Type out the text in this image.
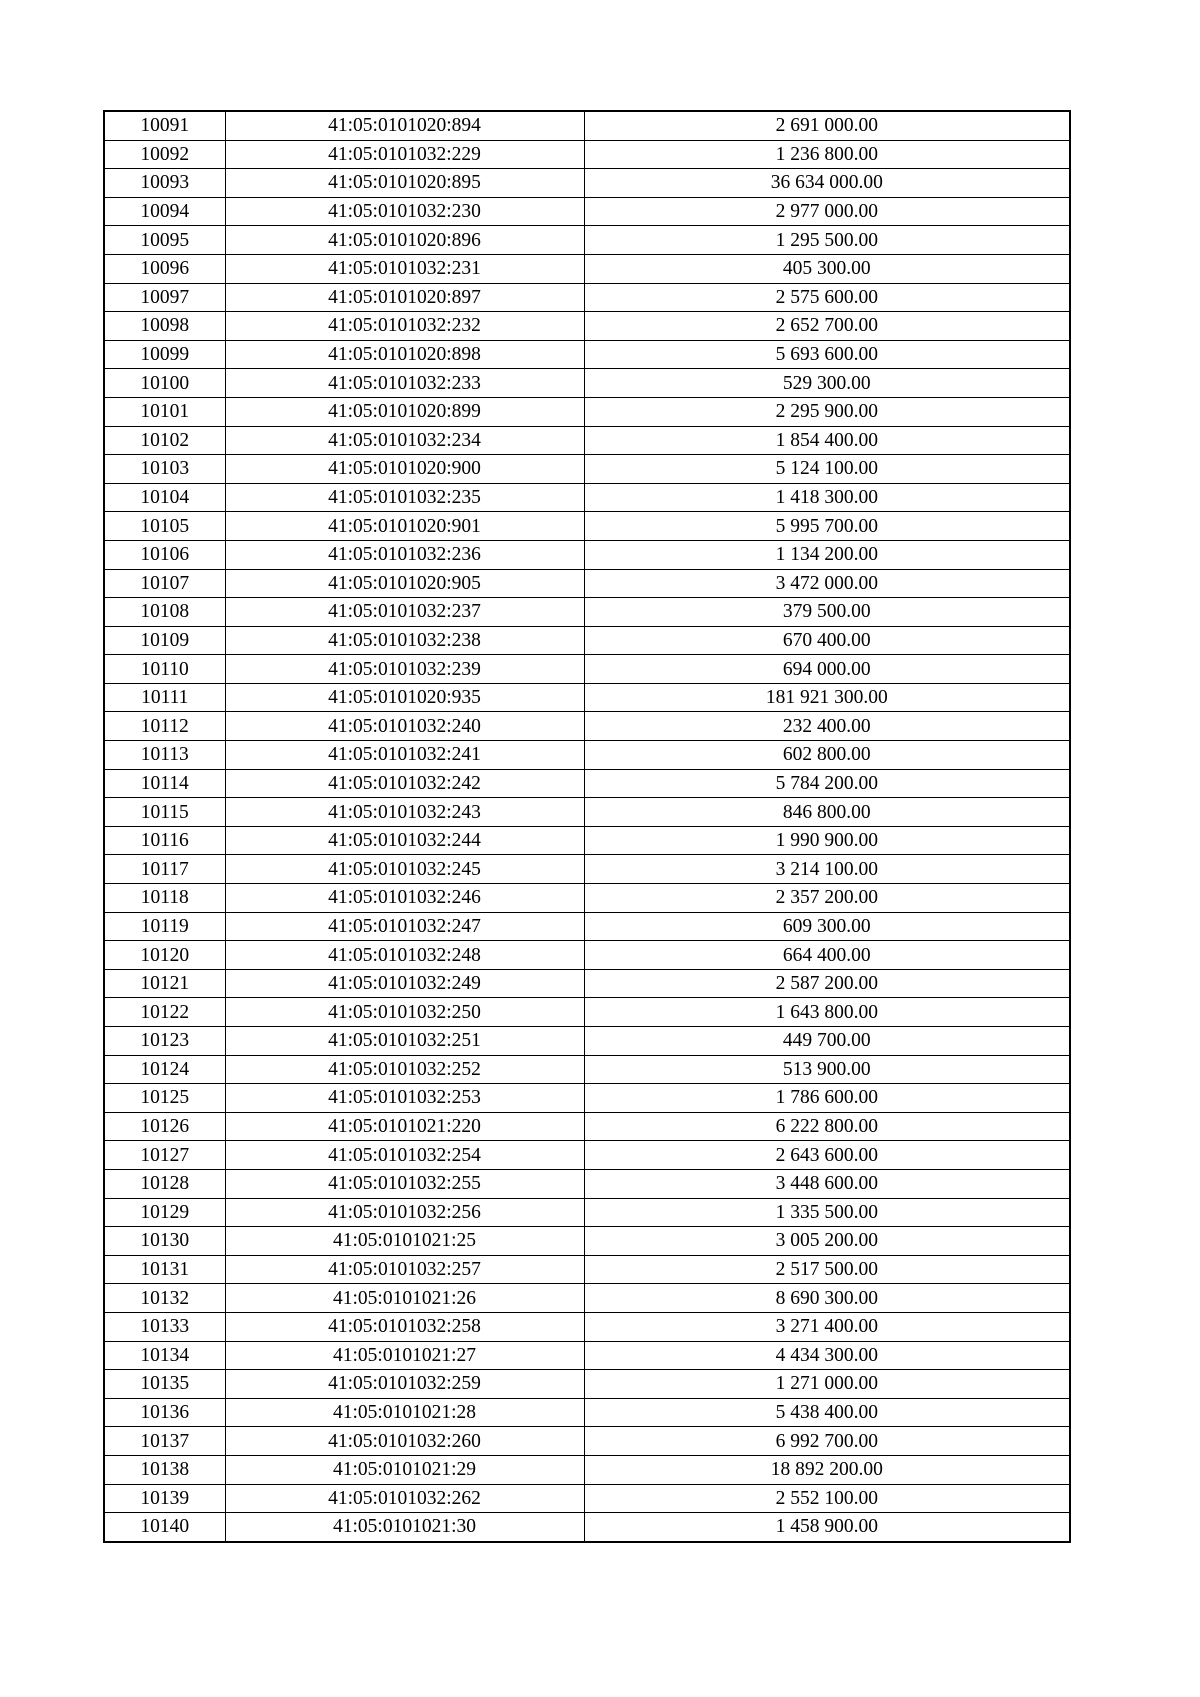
10091	41:05:0101020:894	2 691 000.00
10092	41:05:0101032:229	1 236 800.00
10093	41:05:0101020:895	36 634 000.00
10094	41:05:0101032:230	2 977 000.00
10095	41:05:0101020:896	1 295 500.00
10096	41:05:0101032:231	405 300.00
10097	41:05:0101020:897	2 575 600.00
10098	41:05:0101032:232	2 652 700.00
10099	41:05:0101020:898	5 693 600.00
10100	41:05:0101032:233	529 300.00
10101	41:05:0101020:899	2 295 900.00
10102	41:05:0101032:234	1 854 400.00
10103	41:05:0101020:900	5 124 100.00
10104	41:05:0101032:235	1 418 300.00
10105	41:05:0101020:901	5 995 700.00
10106	41:05:0101032:236	1 134 200.00
10107	41:05:0101020:905	3 472 000.00
10108	41:05:0101032:237	379 500.00
10109	41:05:0101032:238	670 400.00
10110	41:05:0101032:239	694 000.00
10111	41:05:0101020:935	181 921 300.00
10112	41:05:0101032:240	232 400.00
10113	41:05:0101032:241	602 800.00
10114	41:05:0101032:242	5 784 200.00
10115	41:05:0101032:243	846 800.00
10116	41:05:0101032:244	1 990 900.00
10117	41:05:0101032:245	3 214 100.00
10118	41:05:0101032:246	2 357 200.00
10119	41:05:0101032:247	609 300.00
10120	41:05:0101032:248	664 400.00
10121	41:05:0101032:249	2 587 200.00
10122	41:05:0101032:250	1 643 800.00
10123	41:05:0101032:251	449 700.00
10124	41:05:0101032:252	513 900.00
10125	41:05:0101032:253	1 786 600.00
10126	41:05:0101021:220	6 222 800.00
10127	41:05:0101032:254	2 643 600.00
10128	41:05:0101032:255	3 448 600.00
10129	41:05:0101032:256	1 335 500.00
10130	41:05:0101021:25	3 005 200.00
10131	41:05:0101032:257	2 517 500.00
10132	41:05:0101021:26	8 690 300.00
10133	41:05:0101032:258	3 271 400.00
10134	41:05:0101021:27	4 434 300.00
10135	41:05:0101032:259	1 271 000.00
10136	41:05:0101021:28	5 438 400.00
10137	41:05:0101032:260	6 992 700.00
10138	41:05:0101021:29	18 892 200.00
10139	41:05:0101032:262	2 552 100.00
10140	41:05:0101021:30	1 458 900.00
